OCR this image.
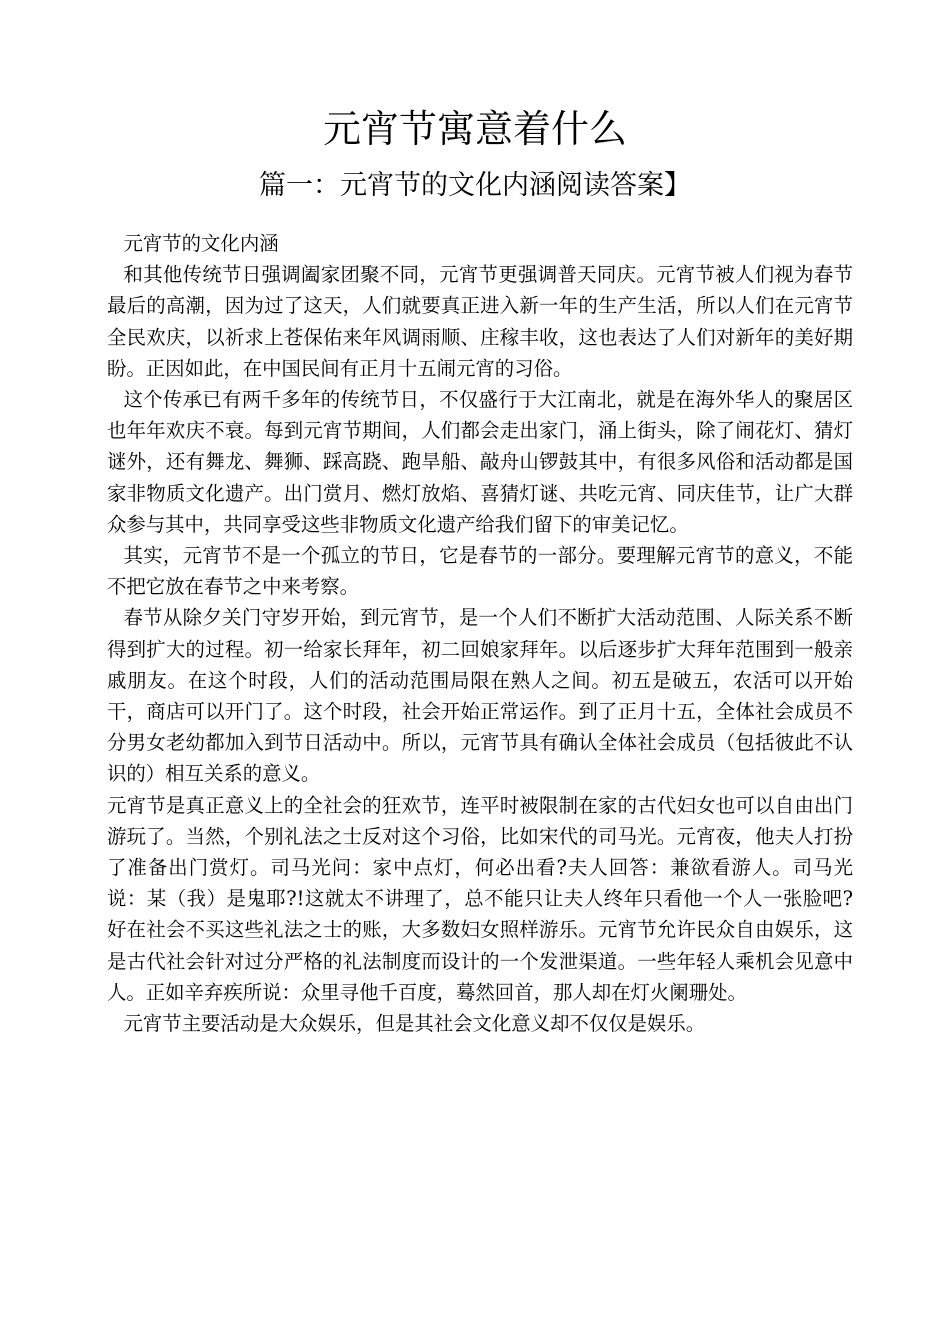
元宵节寓意着什么
篇一：元宵节的文化内涵阅读答案】

元宵节的文化内涵

和其他传统节日强调阖家团聚不同，元宵节更强调普天同庆。元宵节被人们视为春节最后的高潮，因为过了这天，人们就要真正进入新一年的生产生活，所以人们在元宵节全民欢庆，以祈求上苍保佑来年风调雨顺、庄稼丰收，这也表达了人们对新年的美好期盼。正因如此，在中国民间有正月十五闹元宵的习俗。

这个传承已有两千多年的传统节日，不仅盛行于大江南北，就是在海外华人的聚居区也年年欢庆不衰。每到元宵节期间，人们都会走出家门，涌上街头，除了闹花灯、猜灯谜外，还有舞龙、舞狮、踩高跷、跑旱船、敲舟山锣鼓其中，有很多风俗和活动都是国家非物质文化遗产。出门赏月、燃灯放焰、喜猜灯谜、共吃元宵、同庆佳节，让广大群众参与其中，共同享受这些非物质文化遗产给我们留下的审美记忆。

其实，元宵节不是一个孤立的节日，它是春节的一部分。要理解元宵节的意义，不能不把它放在春节之中来考察。

春节从除夕关门守岁开始，到元宵节，是一个人们不断扩大活动范围、人际关系不断得到扩大的过程。初一给家长拜年，初二回娘家拜年。以后逐步扩大拜年范围到一般亲戚朋友。在这个时段，人们的活动范围局限在熟人之间。初五是破五，农活可以开始干，商店可以开门了。这个时段，社会开始正常运作。到了正月十五，全体社会成员不分男女老幼都加入到节日活动中。所以，元宵节具有确认全体社会成员（包括彼此不认识的）相互关系的意义。

元宵节是真正意义上的全社会的狂欢节，连平时被限制在家的古代妇女也可以自由出门游玩了。当然，个别礼法之士反对这个习俗，比如宋代的司马光。元宵夜，他夫人打扮了准备出门赏灯。司马光问：家中点灯，何必出看?夫人回答：兼欲看游人。司马光说：某（我）是鬼耶?!这就太不讲理了，总不能只让夫人终年只看他一个人一张脸吧?好在社会不买这些礼法之士的账，大多数妇女照样游乐。元宵节允许民众自由娱乐，这是古代社会针对过分严格的礼法制度而设计的一个发泄渠道。一些年轻人乘机会见意中人。正如辛弃疾所说：众里寻他千百度，蓦然回首，那人却在灯火阑珊处。

元宵节主要活动是大众娱乐，但是其社会文化意义却不仅仅是娱乐。
